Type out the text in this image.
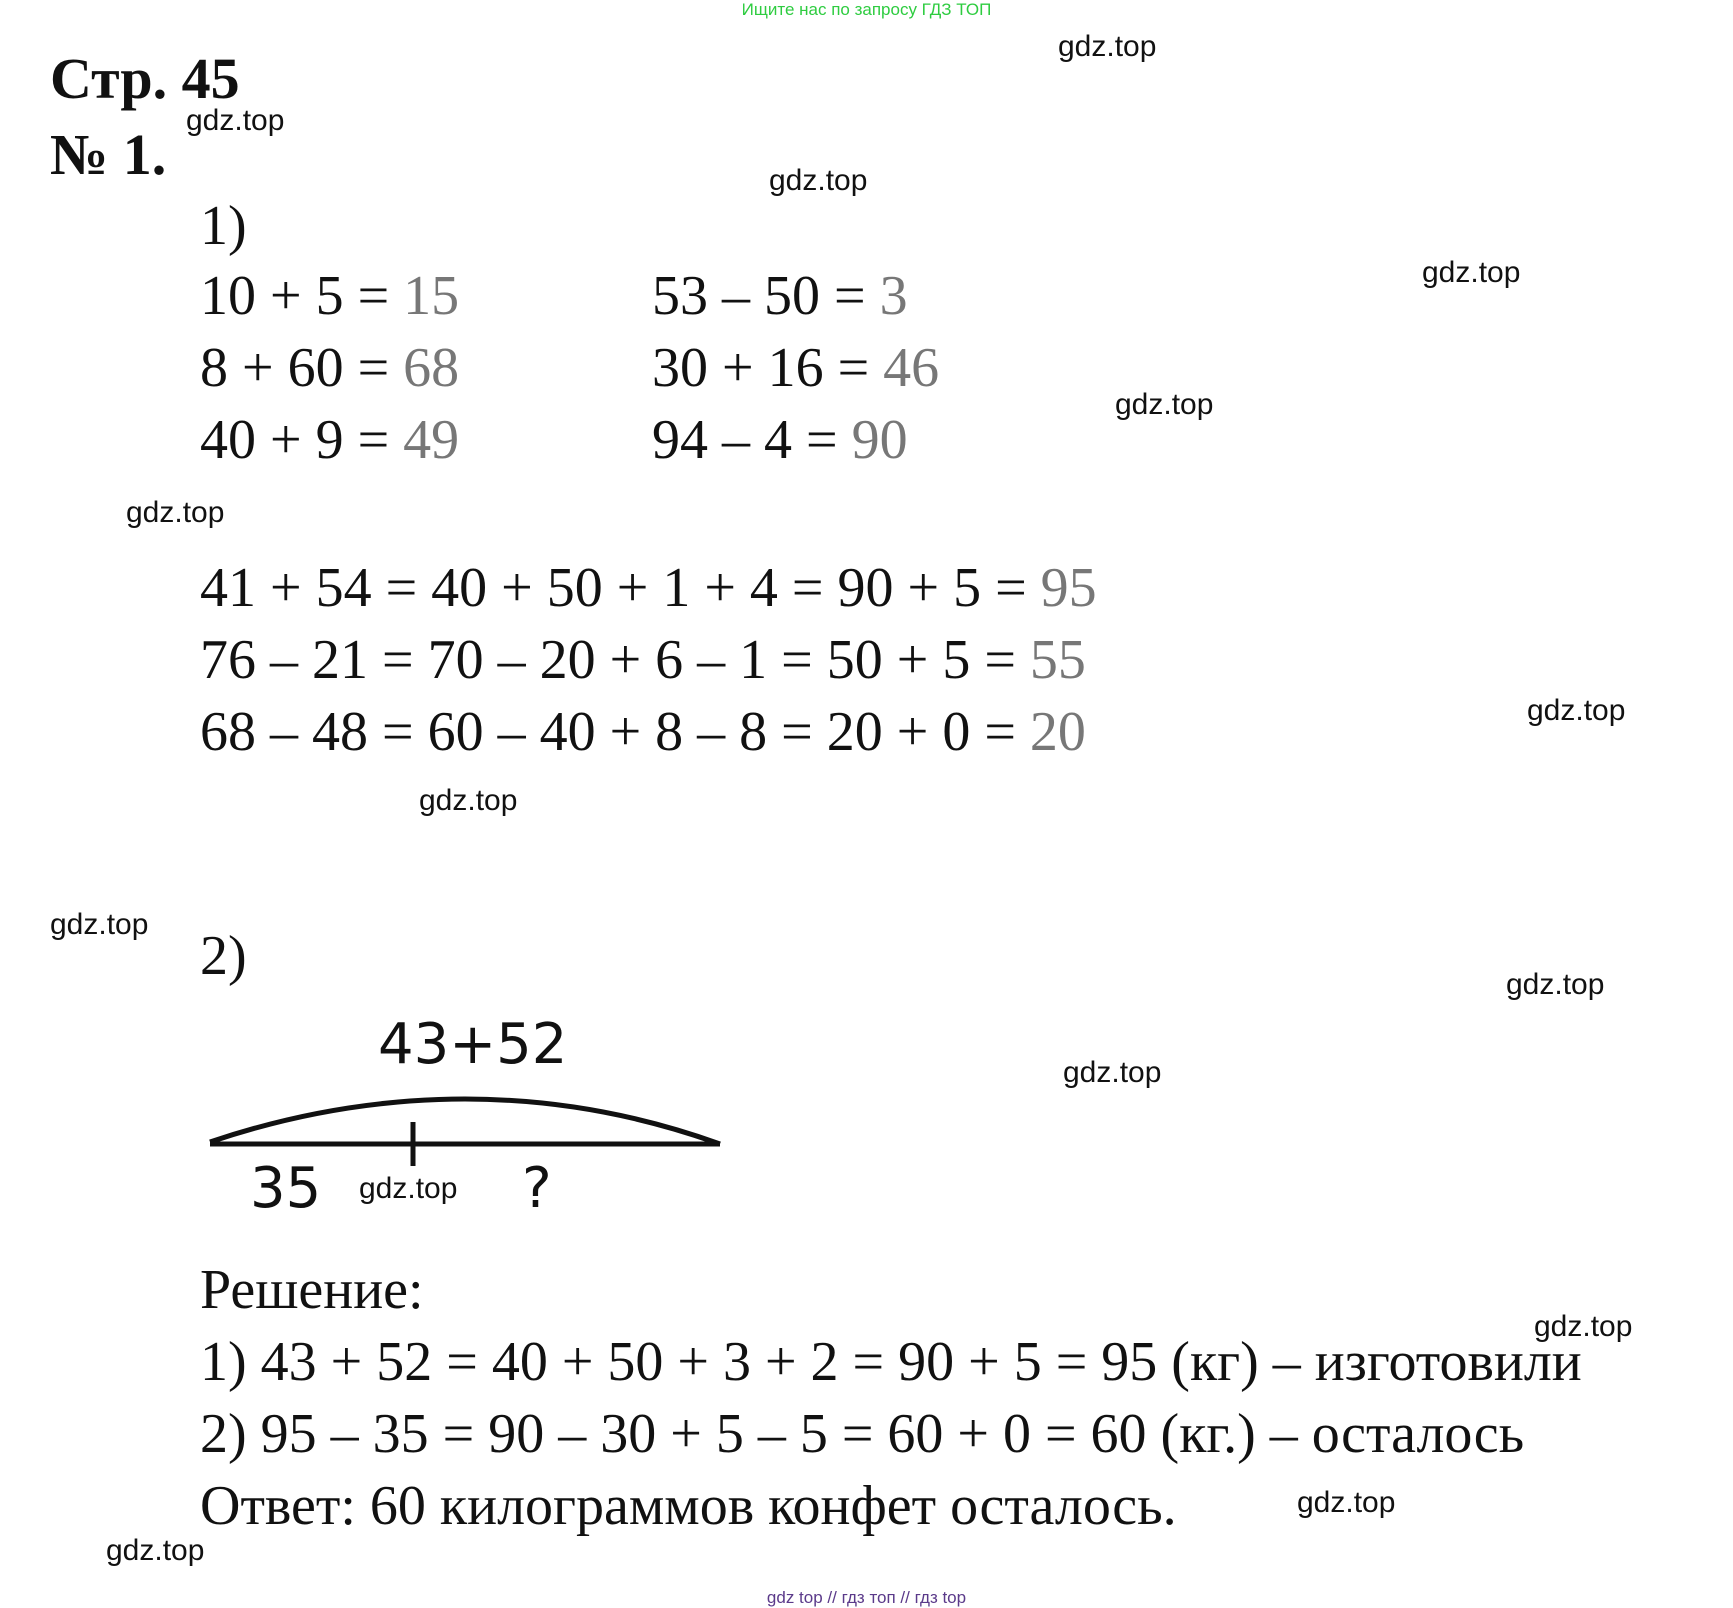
Ищите нас по запросу ГДЗ ТОП
Стр. 45
№ 1.
1)
10 + 5 = 15
8 + 60 = 68
40 + 9 = 49
53 – 50 = 3
30 + 16 = 46
94 – 4 = 90
41 + 54 = 40 + 50 + 1 + 4 = 90 + 5 = 95
76 – 21 = 70 – 20 + 6 – 1 = 50 + 5 = 55
68 – 48 = 60 – 40 + 8 – 8 = 20 + 0 = 20
2)
43+52
35	?
Решение:
1) 43 + 52 = 40 + 50 + 3 + 2 = 90 + 5 = 95 (кг) – изготовили
2) 95 – 35 = 90 – 30 + 5 – 5 = 60 + 0 = 60 (кг.) – осталось
Ответ: 60 килограммов конфет осталось.
gdz.top
gdz.top
gdz.top
gdz.top
gdz.top
gdz.top
gdz.top
gdz.top
gdz.top
gdz.top
gdz.top
gdz.top
gdz.top
gdz.top
gdz.top
gdz top // гдз топ // гдз top
